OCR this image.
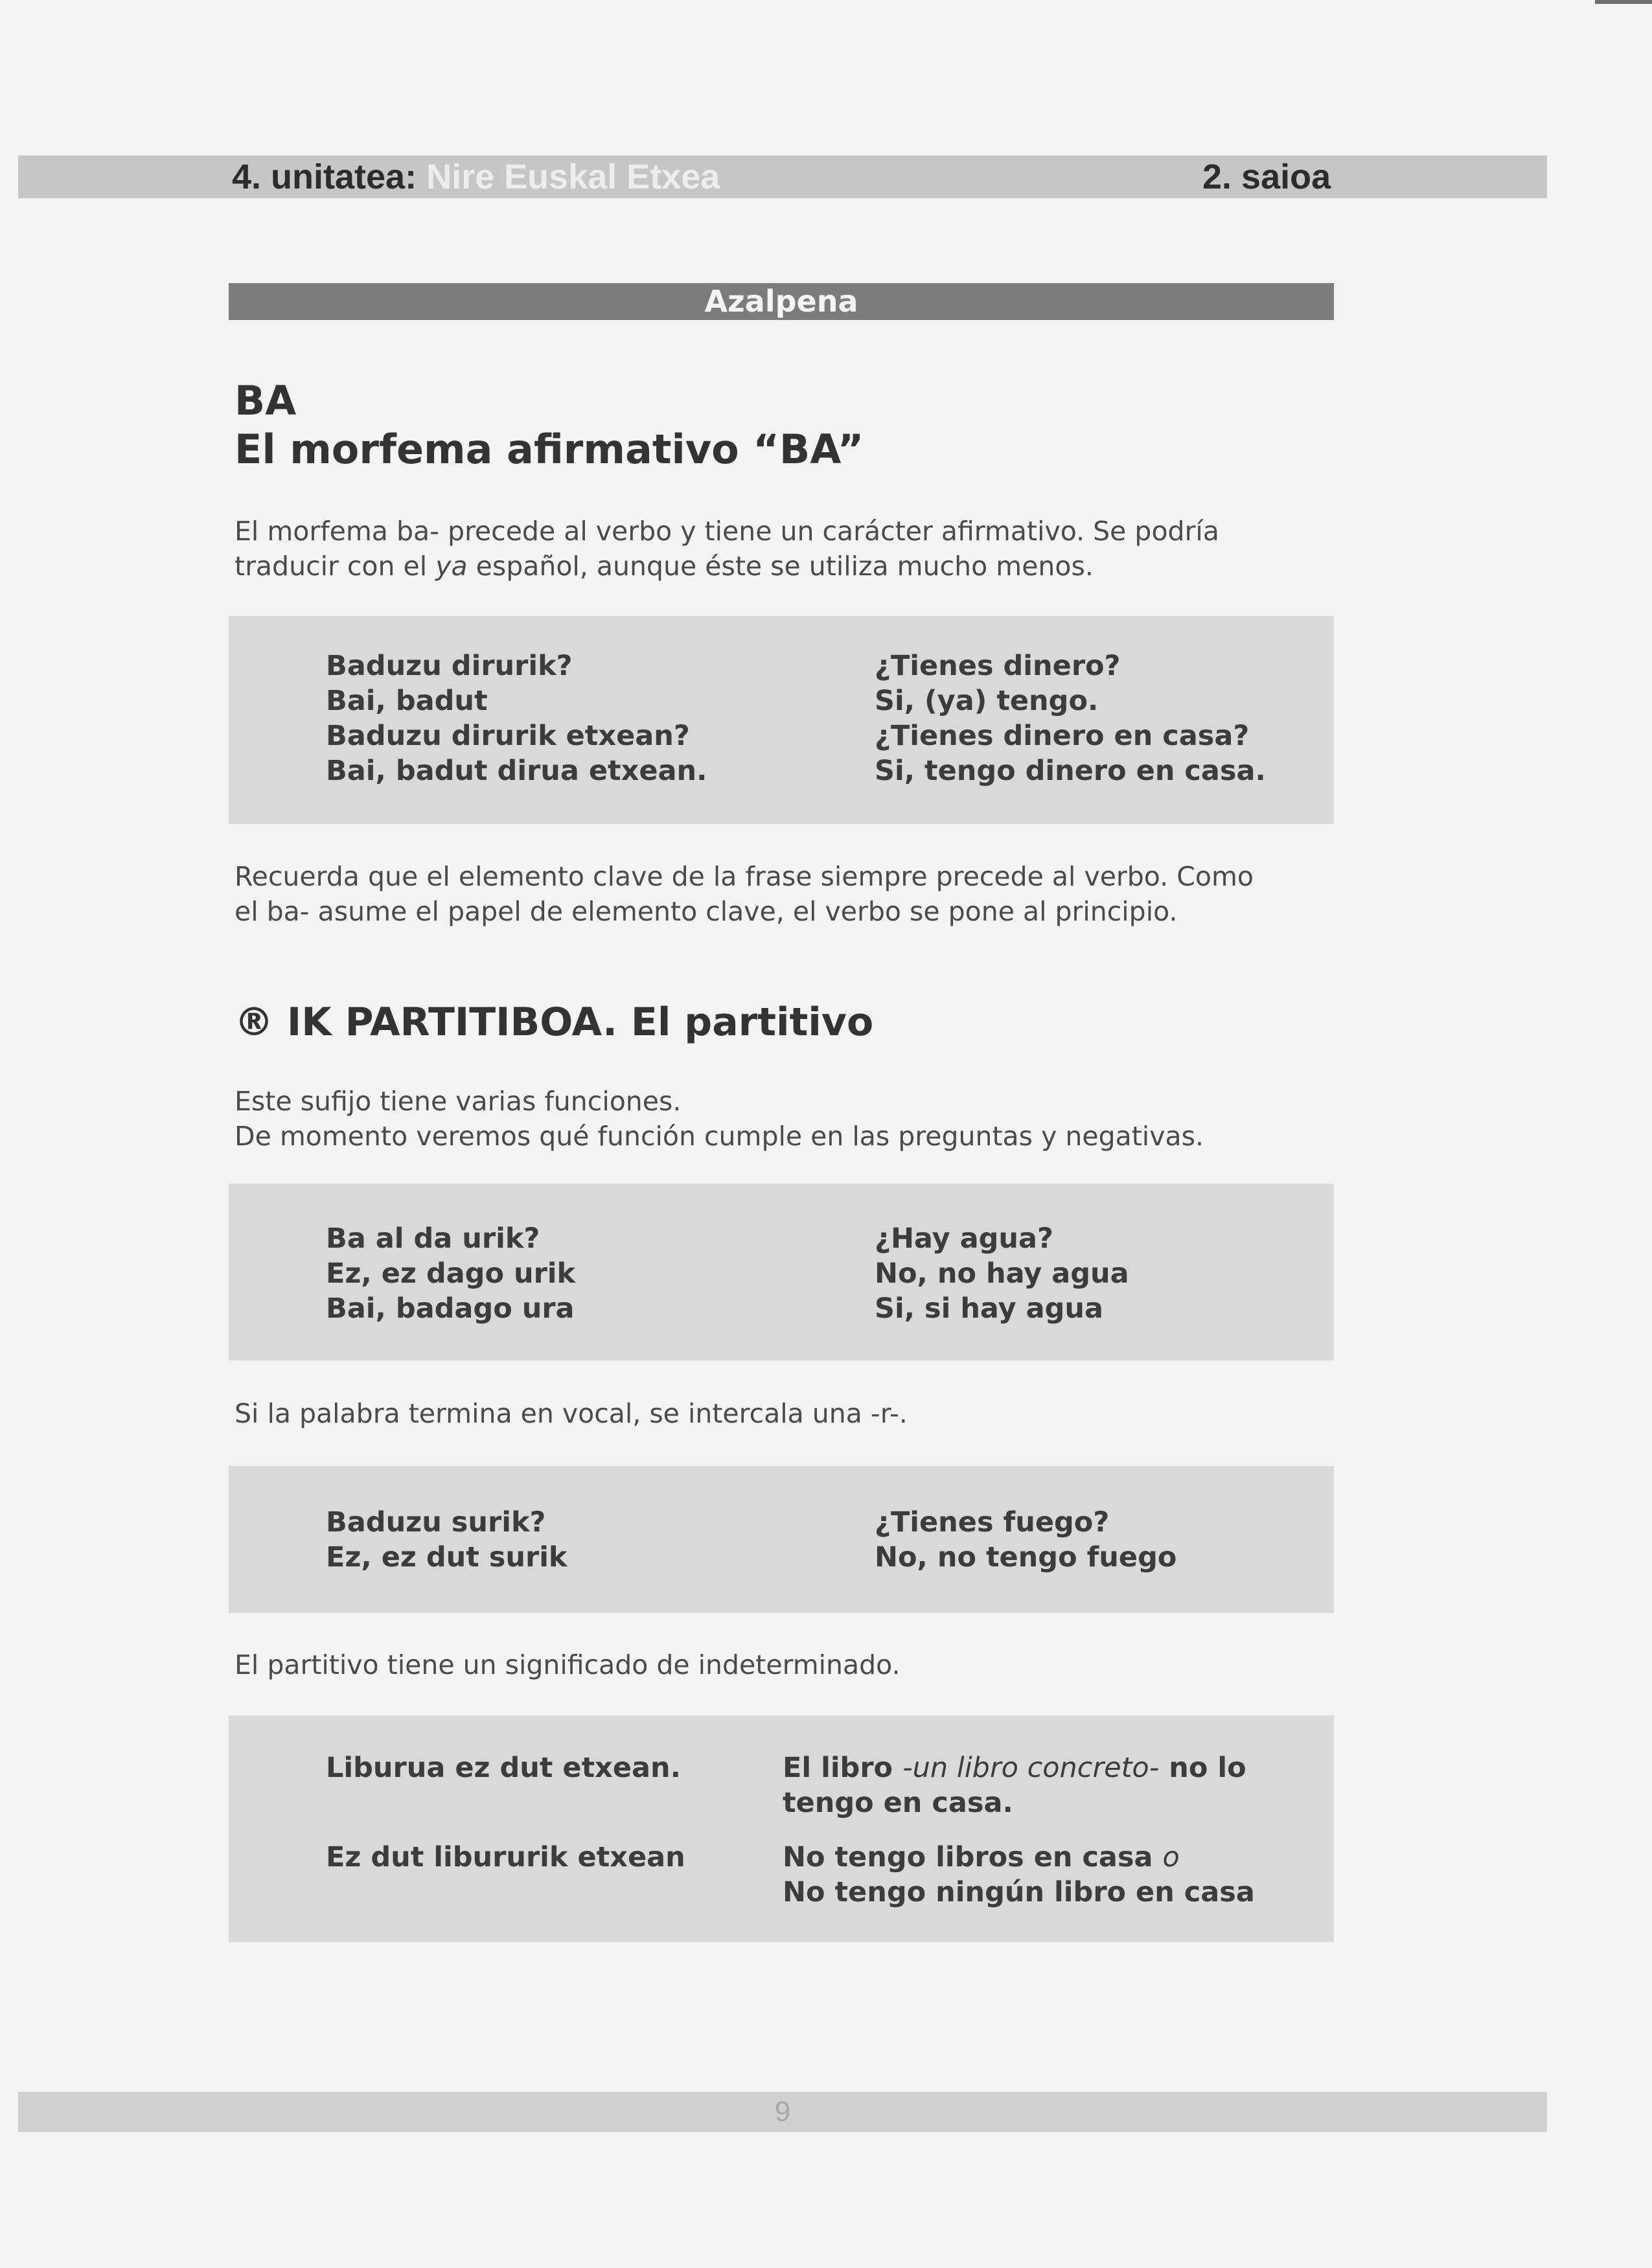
4. unitatea: Nire Euskal Etxea	2. saioa
Azalpena
BA
El morfema afirmativo “BA”

El morfema ba- precede al verbo y tiene un carácter afirmativo. Se podría

traducir con el ya español, aunque éste se utiliza mucho menos.

Baduzu dirurik?	¿Tienes dinero?
Bai, badut	Si, (ya) tengo.
Baduzu dirurik etxean?	¿Tienes dinero en casa?
Bai, badut dirua etxean.	Si, tengo dinero en casa.

Recuerda que el elemento clave de la frase siempre precede al verbo. Como

el ba- asume el papel de elemento clave, el verbo se pone al principio.

® IK PARTITIBOA. El partitivo

Este sufijo tiene varias funciones.

De momento veremos qué función cumple en las preguntas y negativas.

Ba al da urik?	¿Hay agua?
Ez, ez dago urik	No, no hay agua
Bai, badago ura	Si, si hay agua

Si la palabra termina en vocal, se intercala una -r-.

Baduzu surik?	¿Tienes fuego?
Ez, ez dut surik	No, no tengo fuego

El partitivo tiene un significado de indeterminado.

Liburua ez dut etxean.	El libro -un libro concreto- no lo
tengo en casa.
Ez dut libururik etxean	No tengo libros en casa o
No tengo ningún libro en casa
9
